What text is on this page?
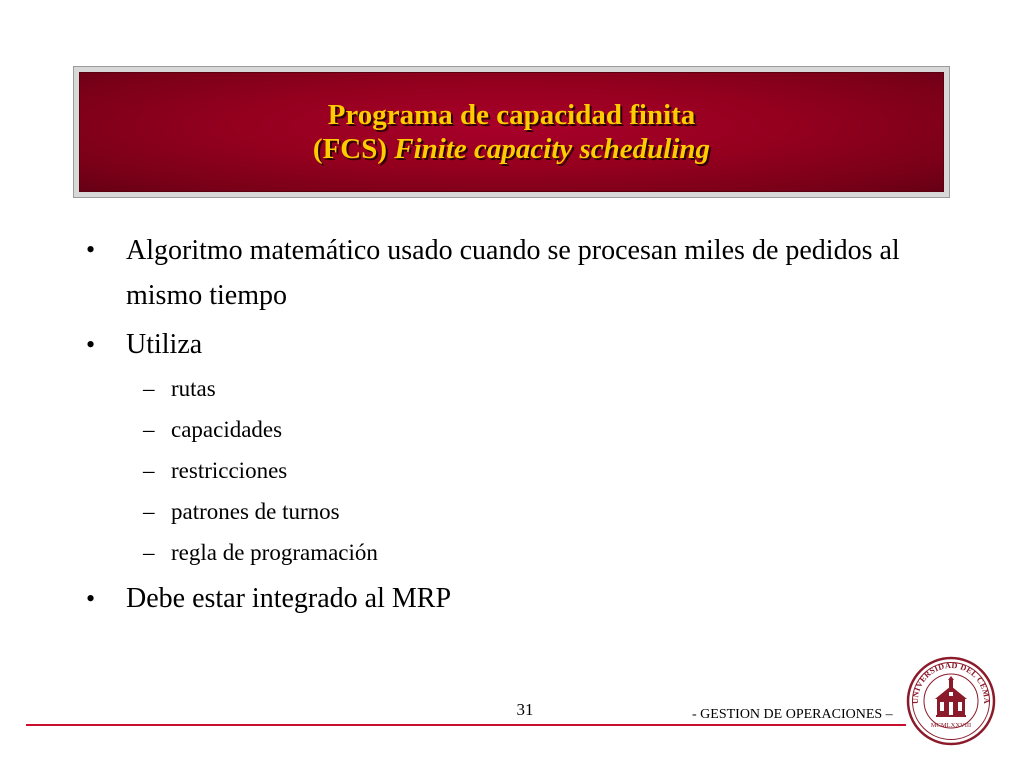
Programa de capacidad finita
(FCS) Finite capacity scheduling
•	Algoritmo matemático usado cuando se procesan miles de pedidos al mismo tiempo
•	Utiliza
– rutas
– capacidades
– restricciones
– patrones de turnos
– regla de programación
•	Debe estar integrado al MRP
31	- GESTION DE OPERACIONES –
UNIVERSIDAD DEL CEMA
MCMLXXVIII
